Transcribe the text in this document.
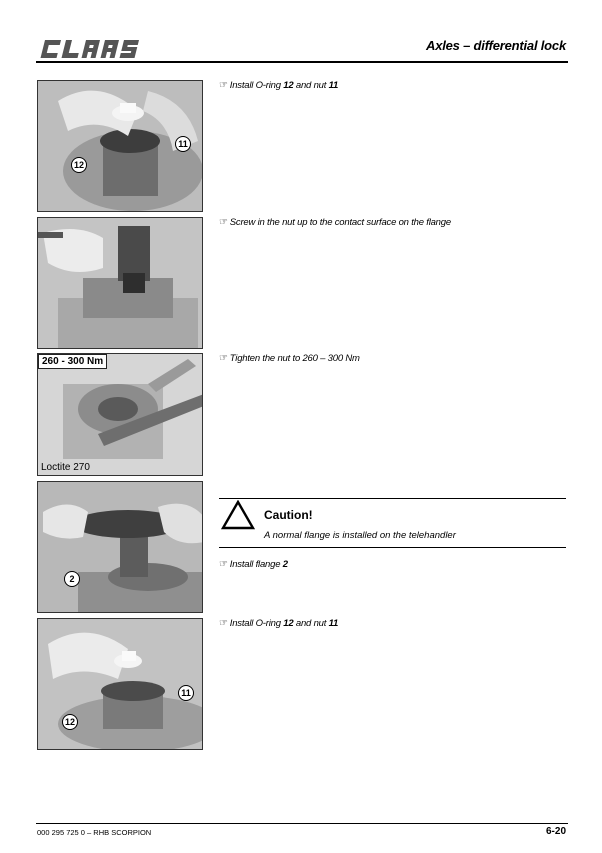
Axles – differential lock
12
11
☞ Install O-ring 12 and nut 11
☞ Screw in the nut up to the contact surface on the flange
260 - 300 Nm
Loctite 270
☞ Tighten the nut to 260 – 300 Nm
2
Caution!
A normal flange is installed on the telehandler
☞ Install flange 2
11
12
☞ Install O-ring 12 and nut 11
000 295 725 0 – RHB SCORPION	6-20
